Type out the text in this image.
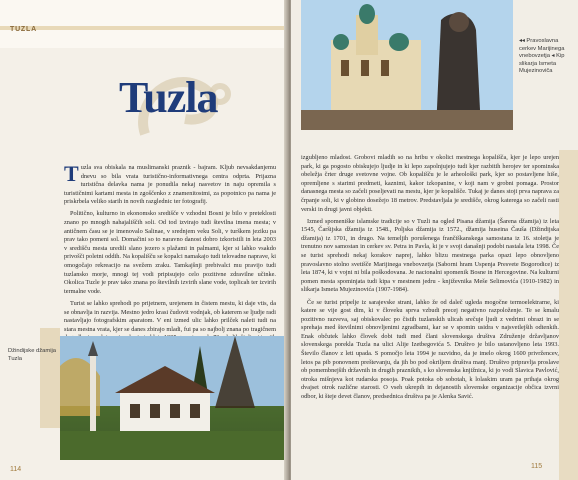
TUZLA
Tuzla

Tuzla sva obiskala na muslimanski praznik - bajram. Kljub nevsakdanjemu dnevu so bila vrata turistično-informativnega centra odprta. Prijazna turistična delavka nama je ponudila nekaj nasvetov in naju opremila s turističnimi kartami mesta in zgoščenko z znamenitostmi, za popotnico pa nama je priskrbela veliko starih in novih razglednic ter fotografij.

Politično, kulturno in ekonomsko središče v vzhodni Bosni je bilo v preteklosti znano po mnogih nahajališčih soli. Od tod izvirajo tudi številna imena mesta; v antičnem času se je imenovalo Salinae, v srednjem veku Soli, v turškem jeziku pa prav tako pomeni sol. Domačini so to naravno danost dobro izkoristili in leta 2003 v središču mesta uredili slano jezero s plažami in palmami, kjer si lahko vsakdo privošči poletni oddih. Na kopališču se kopalci namakajo tudi telovadne naprave, ki omogočajo rekreacijo na svežem zraku. Tamkajšnji prebivalci mu pravijo tudi tuzlansko morje, mnogi tej vodi pripisujejo celo pozitivne zdravilne učinke. Okolica Tuzle je prav tako znana po številnih izvirih slane vode, toplicah ter izvirih termalne vode.

Turist se lahko sprehodi po prijetnem, urejenem in čistem mestu, ki daje vtis, da se obnavlja in razvija. Mestno jedro krasi čudovit vodnjak, ob katerem se ljudje radi nastavljajo fotografskim aparatom. V eni izmed ulic lahko prilček naleti tudi na stara mestna vrata, kjer se danes zbirajo mladi, fui pa so najbolj znana po tragičnem

Džindijske džamija Tuzla
114
◂◂ Pravoslavna cerkev Marijinega vnebovzetja ◂ Kip slikarja Ismeta Mujezinoviča

izgubljeno mladost. Grobovi mladih so na hribu v okolici mestnega kopališča, kjer je lepo urejen park, ki ga pogosto obiskujejo ljudje in ki lepo zapolnjujejo tudi kjer razbitih herojev ter spominska obeležja črter druge svetovne vojne. Ob kopališču je le arheološki park, kjer so postavljene hiše, opremljene s starimi predmeti, kaznimi, kakor izkopanine, v koji nam v grobni pomaga. Prostor danasnega mesta so začeli poseljevati na mestu, kjer je kopališče. Tukaj je danes stoji prva naprava za črpanje soli, ki v globino dosežejo 18 metrov. Predstavljala je središče, okrog katerega so začeli rasti verski in drugi javni objekti.

Izmed spomeniške islamske tradicije so v Tuzli na ogled Pisana džamija (Šarena džamija) iz leta 1545, Čaršijska džamija iz 1548., Poljska džamija iz 1572., džamija huseina Čauša (Džindijska džamija) iz 1701, in drugo. Na temeljih porušenega frančiškanskega samostana iz 16. stoletja je trenutno nov samostan in cerkev sv. Petra in Pavla, ki je v svoji današnji podobi nastala leta 1998. Če se turist sprehodi nekaj korakov naprej, lahko blizu mestnega parka opazi lepo obnovljeno pravoslavno stolno svetišče Marijinega vnebovzetja (Saborni hram Uspenja Presvete Bogorodice) iz leta 1874, ki v vojni ni bila poškodovana. Je nacionalni spomenik Bosne in Hercegovine. Na kulturni pomen mesta spominjata tudi kipa v mestnem jedru - književnika Meše Selimovića (1910-1982) in slikarja Ismeta Mujezinovića (1907-1984).

Če se turist pripelje iz sarajevske strani, lahko že od daleč ugleda mogočne termoelektrarne, ki katere se vije gost dim, ki v človeku sprva vzbudi precej negativno razpoloženje. Te se kmalu pozitivno razveva, saj obiskovalec po čistih tuzlanskih ulicah srečuje ljudi z vedrimi obrazi in se sprehaja med številnimi obnovljenimi zgradbami, kar se v spomin usidra v najsvetlejših odtenkih. Enak občutek lahko človek dobi tudi med člani slovenskega društva Združenje državljanov slovenskega porekla Tuzla na ulici Alije Izetbegovića 5. Društvo je bilo ustanovljeno leta 1993. Število članov z leti upada. S pomočjo leta 1994 je razvidno, da je imelo okrog 1600 privržencev, letos pa pib ponovnem preštevanju, da jih bo pod okriljem društva manj. Društvo pripravlja proslave ob pomembnejših državnih in drugih praznikih, s ko slovenska knjižnica, ki jo vodi Slavica Pavlović, otroka mišnjeva kot rudarska posoja. Poak potoka ob sobotah, k lolaskim uram pa prihaja okrog dvajset otrok različne starosti. O vseh ukrepih in dejanostih slovenske organizacije občica izvrni odbor, ki šteje devet članov, predsednica društva pa je Alenka Savić.

115
